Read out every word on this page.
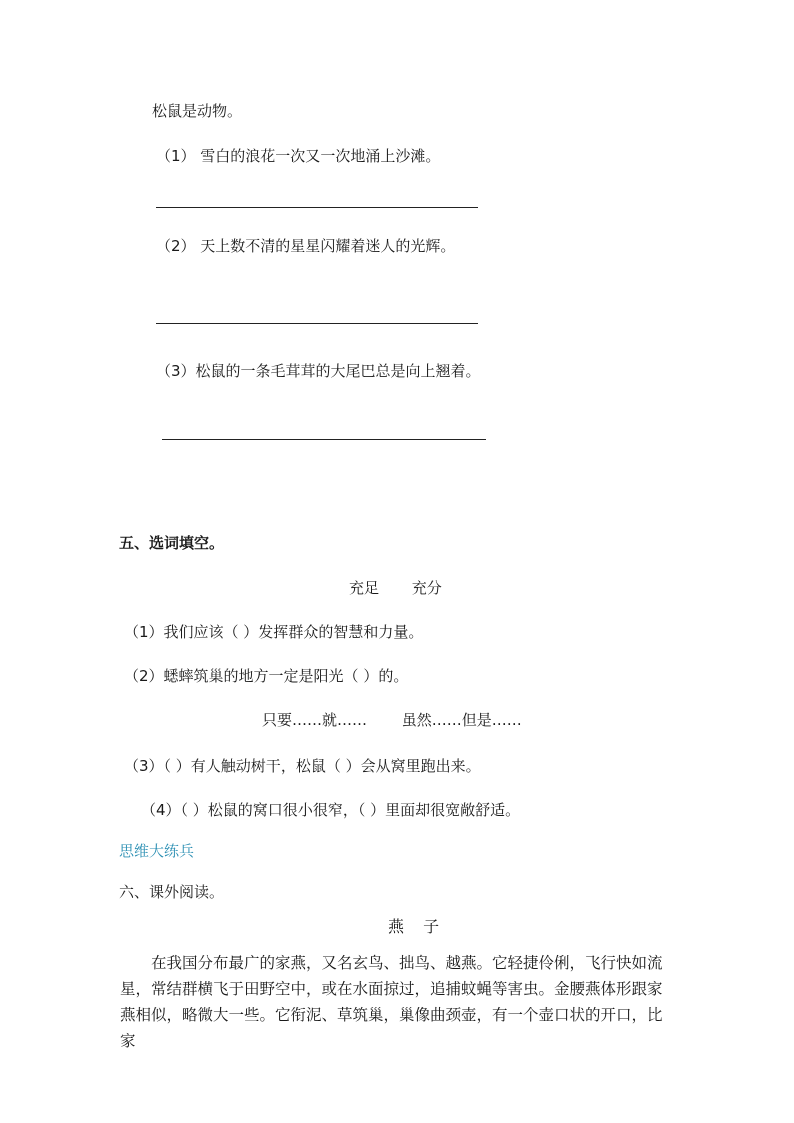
松鼠是动物。
（1） 雪白的浪花一次又一次地涌上沙滩。
（2） 天上数不清的星星闪耀着迷人的光辉。
（3）松鼠的一条毛茸茸的大尾巴总是向上翘着。
五、选词填空。
充足 充分
（1）我们应该（ ）发挥群众的智慧和力量。
（2）蟋蟀筑巢的地方一定是阳光（ ）的。
只要……就…… 虽然……但是……
（3）（ ）有人触动树干，松鼠（ ）会从窝里跑出来。
（4）（ ）松鼠的窝口很小很窄，（ ）里面却很宽敞舒适。
思维大练兵
六、课外阅读。
燕 子
在我国分布最广的家燕，又名玄鸟、拙鸟、越燕。它轻捷伶俐，飞行快如流星，常结群横飞于田野空中，或在水面掠过，追捕蚊蝇等害虫。金腰燕体形跟家燕相似，略微大一些。它衔泥、草筑巢，巢像曲颈壶，有一个壶口状的开口，比家
